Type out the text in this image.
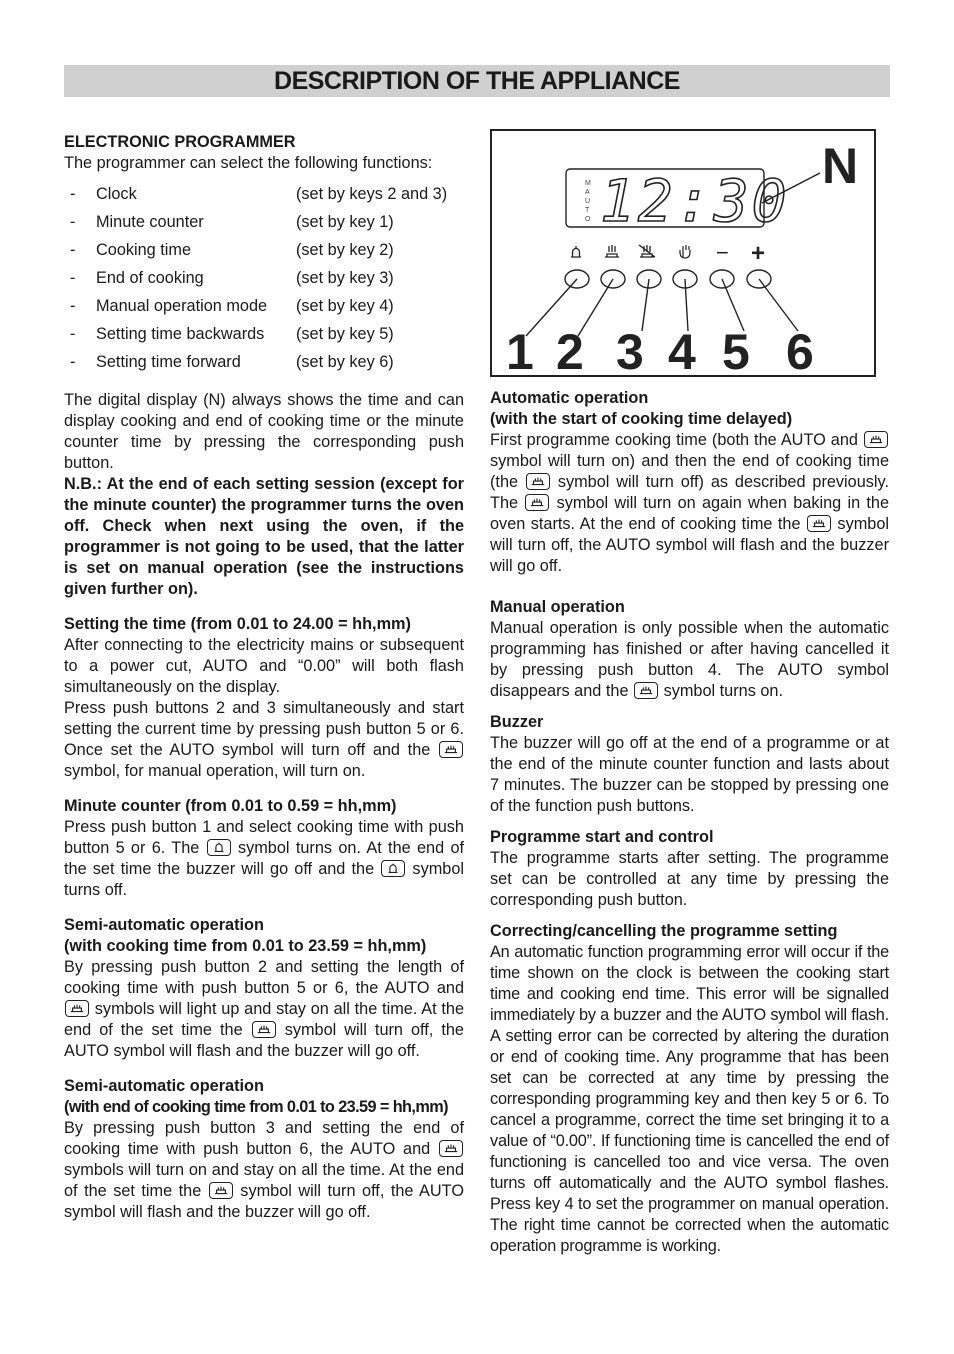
DESCRIPTION OF THE APPLIANCE

ELECTRONIC PROGRAMMER

The programmer can select the following functions:

-	Clock	(set by keys 2 and 3)
-	Minute counter	(set by key 1)
-	Cooking time	(set by key 2)
-	End of cooking	(set by key 3)
-	Manual operation mode	(set by key 4)
-	Setting time backwards	(set by key 5)
-	Setting time forward	(set by key 6)

The digital display (N) always shows the time and can display cooking and end of cooking time or the minute counter time by pressing the corresponding push button.

N.B.: At the end of each setting session (except for the minute counter) the programmer turns the oven off. Check when next using the oven, if the programmer is not going to be used, that the latter is set on manual operation (see the instructions given further on).

Setting the time (from 0.01 to 24.00 = hh,mm)

After connecting to the electricity mains or subsequent to a power cut, AUTO and “0.00” will both flash simultaneously on the display.

Press push buttons 2 and 3 simultaneously and start setting the current time by pressing push button 5 or 6. Once set the AUTO symbol will turn off and the
symbol, for manual operation, will turn on.

Minute counter (from 0.01 to 0.59 = hh,mm)

Press push button 1 and select cooking time with push button 5 or 6. The symbol turns on. At the end of the set time the buzzer will go off and the symbol turns off.

Semi-automatic operation

(with cooking time from 0.01 to 23.59 = hh,mm)

By pressing push button 2 and setting the length of cooking time with push button 5 or 6, the AUTO and
symbols will light up and stay on all the time. At the end of the set time the	symbol will turn off, the AUTO symbol will flash and the buzzer will go off.

Semi-automatic operation

(with end of cooking time from 0.01 to 23.59 = hh,mm)

By pressing push button 3 and setting the end of cooking time with push button 6, the AUTO and
symbols will turn on and stay on all the time. At the end of the set time the symbol will turn off, the AUTO symbol will flash and the buzzer will go off.

M
A
U
T
O 12:30
N
− +
1 2 3 4 5 6

Automatic operation

(with the start of cooking time delayed)

First programme cooking time (both the AUTO and
symbol will turn on) and then the end of cooking time (the symbol will turn off) as described previously. The symbol will turn on again when baking in the oven starts. At the end of cooking time the symbol will turn off, the AUTO symbol will flash and the buzzer will go off.

Manual operation

Manual operation is only possible when the automatic programming has finished or after having cancelled it by pressing push button 4. The AUTO symbol disappears and the symbol turns on.

Buzzer

The buzzer will go off at the end of a programme or at the end of the minute counter function and lasts about 7 minutes. The buzzer can be stopped by pressing one of the function push buttons.

Programme start and control

The programme starts after setting. The programme set can be controlled at any time by pressing the corresponding push button.

Correcting/cancelling the programme setting

An automatic function programming error will occur if the time shown on the clock is between the cooking start time and cooking end time. This error will be signalled immediately by a buzzer and the AUTO symbol will flash. A setting error can be corrected by altering the duration or end of cooking time. Any programme that has been set can be corrected at any time by pressing the corresponding programming key and then key 5 or 6. To cancel a programme, correct the time set bringing it to a value of “0.00”. If functioning time is cancelled the end of functioning is cancelled too and vice versa. The oven turns off automatically and the AUTO symbol flashes. Press key 4 to set the programmer on manual operation. The right time cannot be corrected when the automatic operation programme is working.
